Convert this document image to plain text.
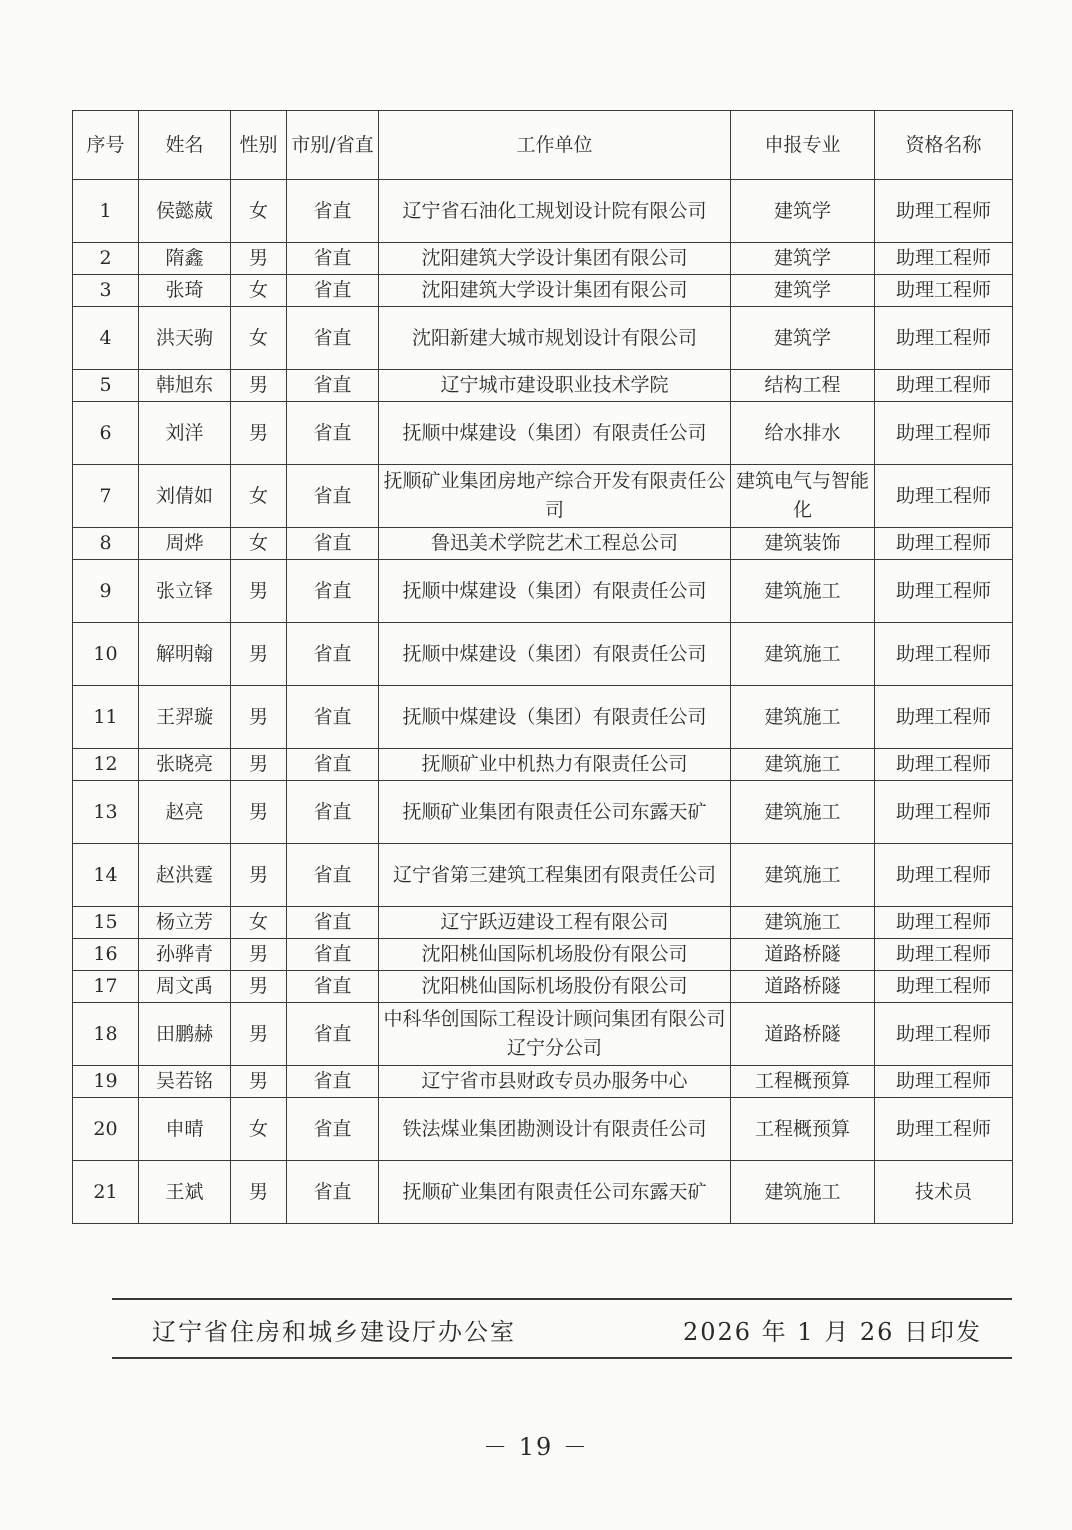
序号	姓名	性别	市别/省直	工作单位	申报专业	资格名称
1	侯懿葳	女	省直	辽宁省石油化工规划设计院有限公司	建筑学	助理工程师
2	隋鑫	男	省直	沈阳建筑大学设计集团有限公司	建筑学	助理工程师
3	张琦	女	省直	沈阳建筑大学设计集团有限公司	建筑学	助理工程师
4	洪天驹	女	省直	沈阳新建大城市规划设计有限公司	建筑学	助理工程师
5	韩旭东	男	省直	辽宁城市建设职业技术学院	结构工程	助理工程师
6	刘洋	男	省直	抚顺中煤建设（集团）有限责任公司	给水排水	助理工程师
7	刘倩如	女	省直	抚顺矿业集团房地产综合开发有限责任公司	建筑电气与智能化	助理工程师
8	周烨	女	省直	鲁迅美术学院艺术工程总公司	建筑装饰	助理工程师
9	张立铎	男	省直	抚顺中煤建设（集团）有限责任公司	建筑施工	助理工程师
10	解明翰	男	省直	抚顺中煤建设（集团）有限责任公司	建筑施工	助理工程师
11	王羿璇	男	省直	抚顺中煤建设（集团）有限责任公司	建筑施工	助理工程师
12	张晓亮	男	省直	抚顺矿业中机热力有限责任公司	建筑施工	助理工程师
13	赵亮	男	省直	抚顺矿业集团有限责任公司东露天矿	建筑施工	助理工程师
14	赵洪霆	男	省直	辽宁省第三建筑工程集团有限责任公司	建筑施工	助理工程师
15	杨立芳	女	省直	辽宁跃迈建设工程有限公司	建筑施工	助理工程师
16	孙骅青	男	省直	沈阳桃仙国际机场股份有限公司	道路桥隧	助理工程师
17	周文禹	男	省直	沈阳桃仙国际机场股份有限公司	道路桥隧	助理工程师
18	田鹏赫	男	省直	中科华创国际工程设计顾问集团有限公司辽宁分公司	道路桥隧	助理工程师
19	吴若铭	男	省直	辽宁省市县财政专员办服务中心	工程概预算	助理工程师
20	申晴	女	省直	铁法煤业集团勘测设计有限责任公司	工程概预算	助理工程师
21	王斌	男	省直	抚顺矿业集团有限责任公司东露天矿	建筑施工	技术员
辽宁省住房和城乡建设厅办公室	2026 年 1 月 26 日印发
－ 19 －
